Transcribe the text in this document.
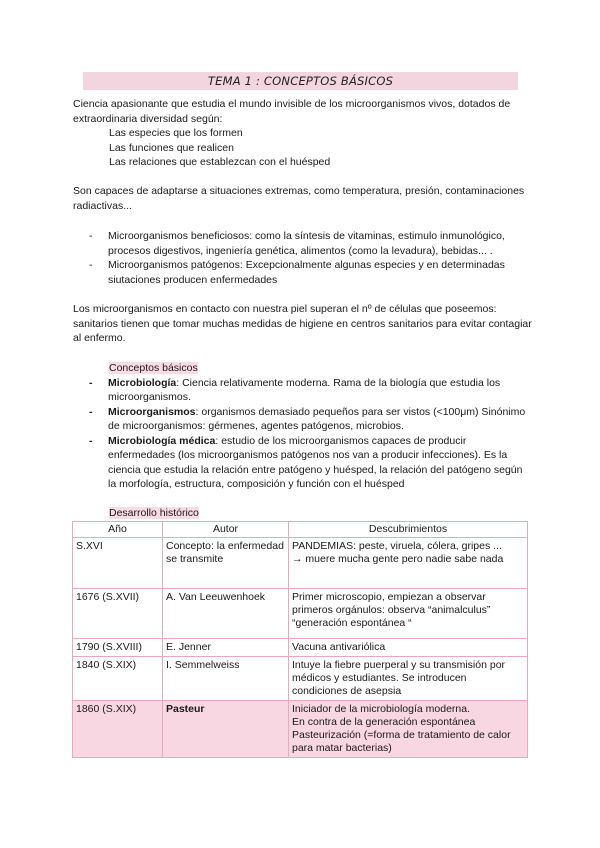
TEMA 1 : CONCEPTOS BÁSICOS
Ciencia apasionante que estudia el mundo invisible de los microorganismos vivos, dotados de extraordinaria diversidad según:
Las especies que los formen
Las funciones que realicen
Las relaciones que establezcan con el huésped
Son capaces de adaptarse a situaciones extremas, como temperatura, presión, contaminaciones radiactivas...
- Microorganismos beneficiosos: como la síntesis de vitaminas, estimulo inmunológico, procesos digestivos, ingeniería genética, alimentos (como la levadura), bebidas... .
- Microorganismos patógenos: Excepcionalmente algunas especies y en determinadas siutaciones producen enfermedades
Los microorganismos en contacto con nuestra piel superan el nº de células que poseemos: sanitarios tienen que tomar muchas medidas de higiene en centros sanitarios para evitar contagiar al enfermo.
Conceptos básicos
- Microbiología: Ciencia relativamente moderna. Rama de la biología que estudia los microorganismos.
- Microorganismos: organismos demasiado pequeños para ser vistos (<100μm) Sinónimo de microorganismos: gérmenes, agentes patógenos, microbios.
- Microbiología médica: estudio de los microorganismos capaces de producir enfermedades (los microorganismos patógenos nos van a producir infecciones). Es la ciencia que estudia la relación entre patógeno y huésped, la relación del patógeno según la morfología, estructura, composición y función con el huésped
Desarrollo histórico
Año	Autor	Descubrimientos
S.XVI	Concepto: la enfermedad se transmite	PANDEMIAS: peste, viruela, cólera, gripes ...
→ muere mucha gente pero nadie sabe nada

1676 (S.XVII)	A. Van Leeuwenhoek	Primer microscopio, empiezan a observar primeros orgánulos: observa “animalculus”
“generación espontánea “

1790 (S.XVIII)	E. Jenner	Vacuna antivariólica

1840 (S.XIX)	I. Semmelweiss	Intuye la fiebre puerperal y su transmisión por médicos y estudiantes. Se introducen condiciones de asepsia

1860 (S.XIX)	Pasteur	Iniciador de la microbiología moderna.
En contra de la generación espontánea
Pasteurización (=forma de tratamiento de calor para matar bacterias)
